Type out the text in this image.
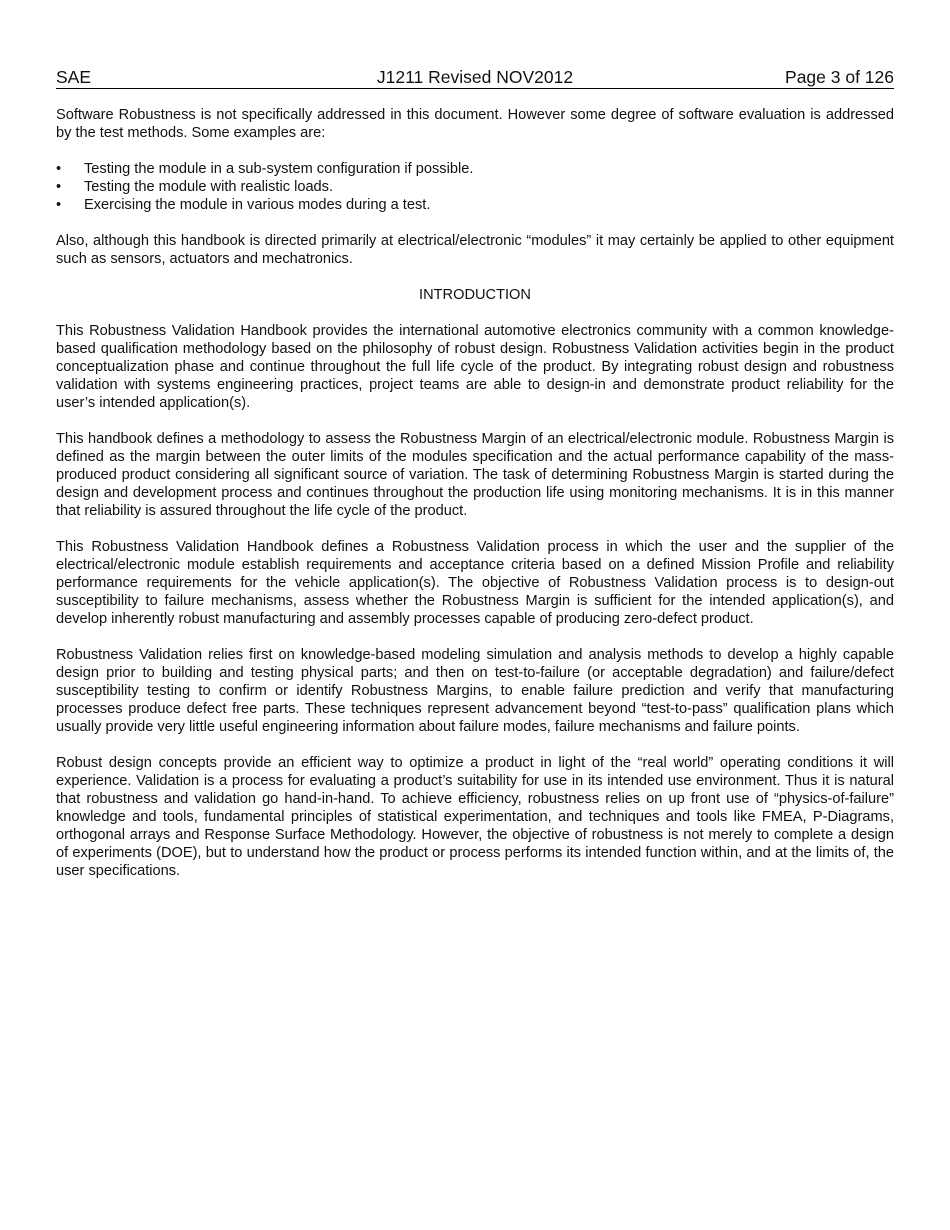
SAE	J1211 Revised NOV2012	Page 3 of 126

Software Robustness is not specifically addressed in this document. However some degree of software evaluation is addressed by the test methods. Some examples are:

• Testing the module in a sub-system configuration if possible.
• Testing the module with realistic loads.
• Exercising the module in various modes during a test.

Also, although this handbook is directed primarily at electrical/electronic “modules” it may certainly be applied to other equipment such as sensors, actuators and mechatronics.

INTRODUCTION

This Robustness Validation Handbook provides the international automotive electronics community with a common knowledge-based qualification methodology based on the philosophy of robust design. Robustness Validation activities begin in the product conceptualization phase and continue throughout the full life cycle of the product. By integrating robust design and robustness validation with systems engineering practices, project teams are able to design-in and demonstrate product reliability for the user’s intended application(s).

This handbook defines a methodology to assess the Robustness Margin of an electrical/electronic module. Robustness Margin is defined as the margin between the outer limits of the modules specification and the actual performance capability of the mass-produced product considering all significant source of variation. The task of determining Robustness Margin is started during the design and development process and continues throughout the production life using monitoring mechanisms. It is in this manner that reliability is assured throughout the life cycle of the product.

This Robustness Validation Handbook defines a Robustness Validation process in which the user and the supplier of the electrical/electronic module establish requirements and acceptance criteria based on a defined Mission Profile and reliability performance requirements for the vehicle application(s). The objective of Robustness Validation process is to design-out susceptibility to failure mechanisms, assess whether the Robustness Margin is sufficient for the intended application(s), and develop inherently robust manufacturing and assembly processes capable of producing zero-defect product.

Robustness Validation relies first on knowledge-based modeling simulation and analysis methods to develop a highly capable design prior to building and testing physical parts; and then on test-to-failure (or acceptable degradation) and failure/defect susceptibility testing to confirm or identify Robustness Margins, to enable failure prediction and verify that manufacturing processes produce defect free parts. These techniques represent advancement beyond “test-to-pass” qualification plans which usually provide very little useful engineering information about failure modes, failure mechanisms and failure points.

Robust design concepts provide an efficient way to optimize a product in light of the “real world” operating conditions it will experience. Validation is a process for evaluating a product’s suitability for use in its intended use environment. Thus it is natural that robustness and validation go hand-in-hand. To achieve efficiency, robustness relies on up front use of “physics-of-failure” knowledge and tools, fundamental principles of statistical experimentation, and techniques and tools like FMEA, P-Diagrams, orthogonal arrays and Response Surface Methodology. However, the objective of robustness is not merely to complete a design of experiments (DOE), but to understand how the product or process performs its intended function within, and at the limits of, the user specifications.
